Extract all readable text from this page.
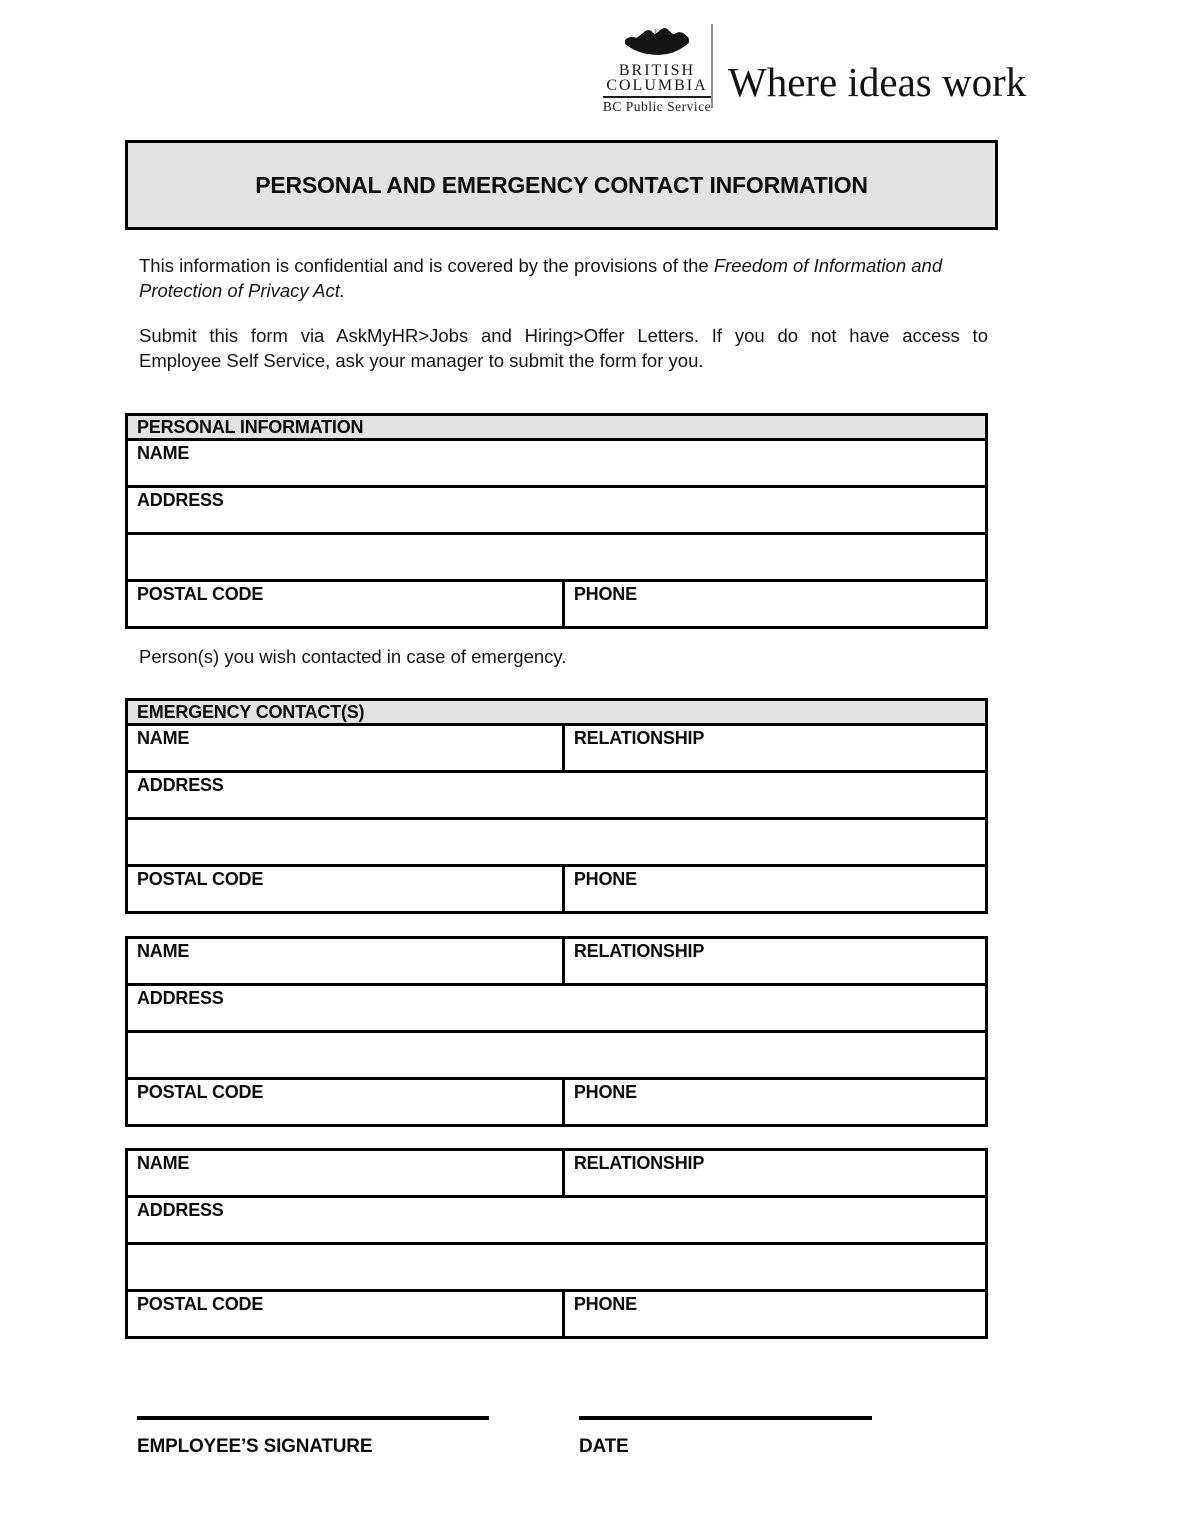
BRITISH
COLUMBIA
BC Public Service
Where ideas work
PERSONAL AND EMERGENCY CONTACT INFORMATION
This information is confidential and is covered by the provisions of the Freedom of Information and
Protection of Privacy Act.
Submit this form via AskMyHR>Jobs and Hiring>Offer Letters. If you do not have access to
Employee Self Service, ask your manager to submit the form for you.
PERSONAL INFORMATION
NAME
ADDRESS

POSTAL CODE	PHONE
Person(s) you wish contacted in case of emergency.
EMERGENCY CONTACT(S)	
NAME	RELATIONSHIP
ADDRESS	

POSTAL CODE	PHONE
NAME	RELATIONSHIP
ADDRESS	

POSTAL CODE	PHONE
NAME	RELATIONSHIP
ADDRESS	

POSTAL CODE	PHONE
EMPLOYEE’S SIGNATURE	DATE
